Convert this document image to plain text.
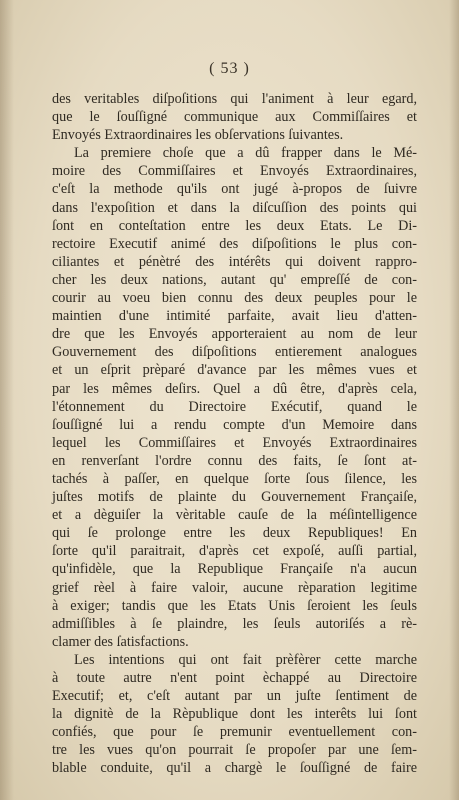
( 53 )
des veritables diſpoſitions qui l'animent à leur egard,
que le ſouſſigné communique aux Commiſſaires et
Envoyés Extraordinaires les obſervations ſuivantes.
La premiere choſe que a dû frapper dans le Mé-
moire des Commiſſaires et Envoyés Extraordinaires,
c'eſt la methode qu'ils ont jugé à-propos de ſuivre
dans l'expoſition et dans la diſcuſſion des points qui
ſont en conteſtation entre les deux Etats. Le Di-
rectoire Executif animé des diſpoſitions le plus con-
ciliantes et pénètré des intérêts qui doivent rappro-
cher les deux nations, autant qu' empreſſé de con-
courir au voeu bien connu des deux peuples pour le
maintien d'une intimité parfaite, avait lieu d'atten-
dre que les Envoyés apporteraient au nom de leur
Gouvernement des diſpoſitions entierement analogues
et un eſprit prèparé d'avance par les mêmes vues et
par les mêmes deſirs. Quel a dû être, d'après cela,
l'étonnement du Directoire Exécutif, quand le
ſouſſigné lui a rendu compte d'un Memoire dans
lequel les Commiſſaires et Envoyés Extraordinaires
en renverſant l'ordre connu des faits, ſe ſont at-
tachés à paſſer, en quelque ſorte ſous ſilence, les
juſtes motifs de plainte du Gouvernement Françaiſe,
et a dèguiſer la vèritable cauſe de la méſintelligence
qui ſe prolonge entre les deux Republiques! En
ſorte qu'il paraitrait, d'après cet expoſé, auſſi partial,
qu'infidèle, que la Republique Françaiſe n'a aucun
grief rèel à faire valoir, aucune rèparation legitime
à exiger; tandis que les Etats Unis ſeroient les ſeuls
admiſſibles à ſe plaindre, les ſeuls autoriſés a rè-
clamer des ſatisfactions.
Les intentions qui ont fait prèfèrer cette marche
à toute autre n'ent point èchappé au Directoire
Executif; et, c'eſt autant par un juſte ſentiment de
la dignitè de la Rèpublique dont les interêts lui ſont
confiés, que pour ſe premunir eventuellement con-
tre les vues qu'on pourrait ſe propoſer par une ſem-
blable conduite, qu'il a chargè le ſouſſigné de faire
